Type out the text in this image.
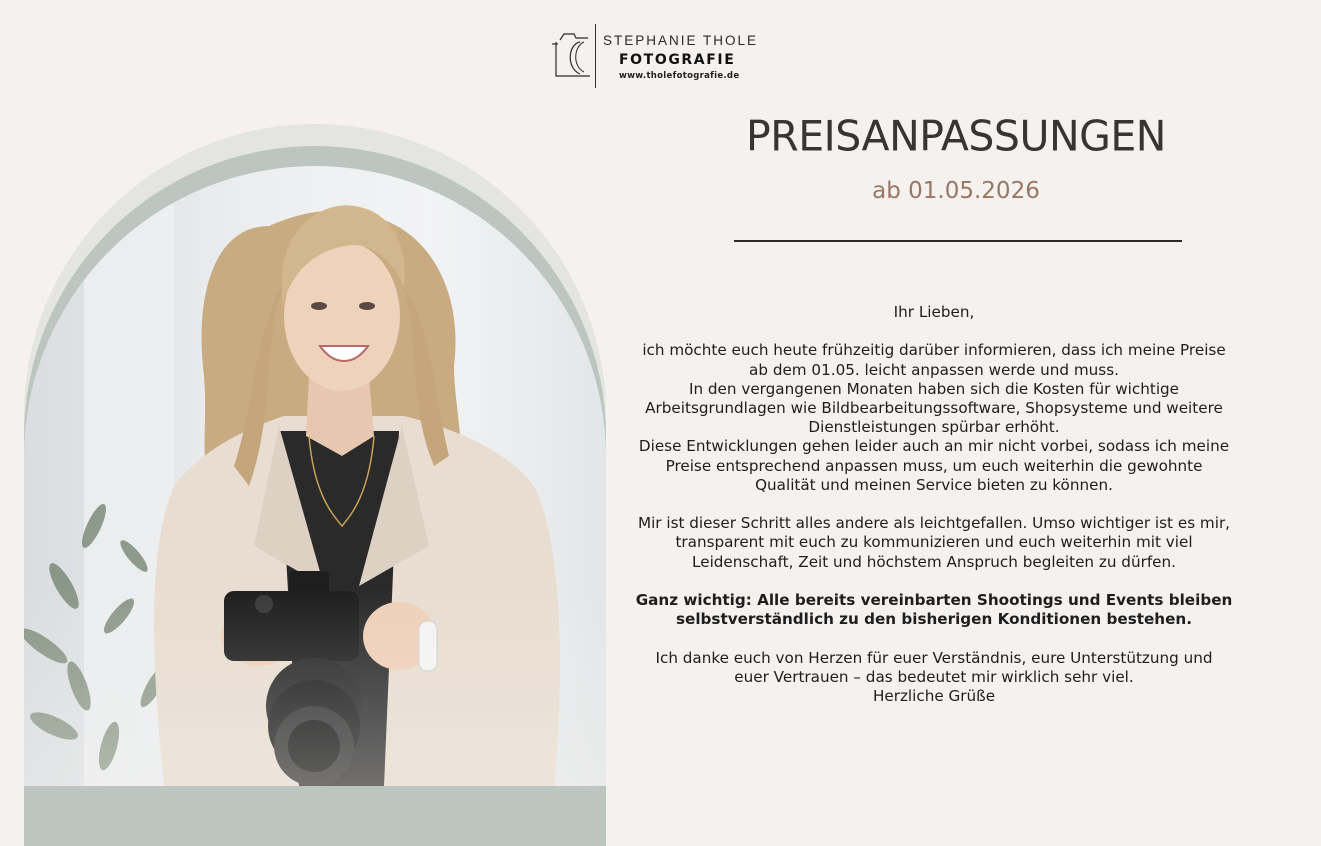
STEPHANIE THOLE
FOTOGRAFIE
www.tholefotografie.de
PREISANPASSUNGEN
ab 01.05.2026

Ihr Lieben,

ich möchte euch heute frühzeitig darüber informieren, dass ich meine Preise

ab dem 01.05. leicht anpassen werde und muss.

In den vergangenen Monaten haben sich die Kosten für wichtige

Arbeitsgrundlagen wie Bildbearbeitungssoftware, Shopsysteme und weitere

Dienstleistungen spürbar erhöht.

Diese Entwicklungen gehen leider auch an mir nicht vorbei, sodass ich meine

Preise entsprechend anpassen muss, um euch weiterhin die gewohnte

Qualität und meinen Service bieten zu können.

Mir ist dieser Schritt alles andere als leichtgefallen. Umso wichtiger ist es mir,

transparent mit euch zu kommunizieren und euch weiterhin mit viel

Leidenschaft, Zeit und höchstem Anspruch begleiten zu dürfen.

Ganz wichtig: Alle bereits vereinbarten Shootings und Events bleiben

selbstverständlich zu den bisherigen Konditionen bestehen.

Ich danke euch von Herzen für euer Verständnis, eure Unterstützung und

euer Vertrauen – das bedeutet mir wirklich sehr viel.

Herzliche Grüße
